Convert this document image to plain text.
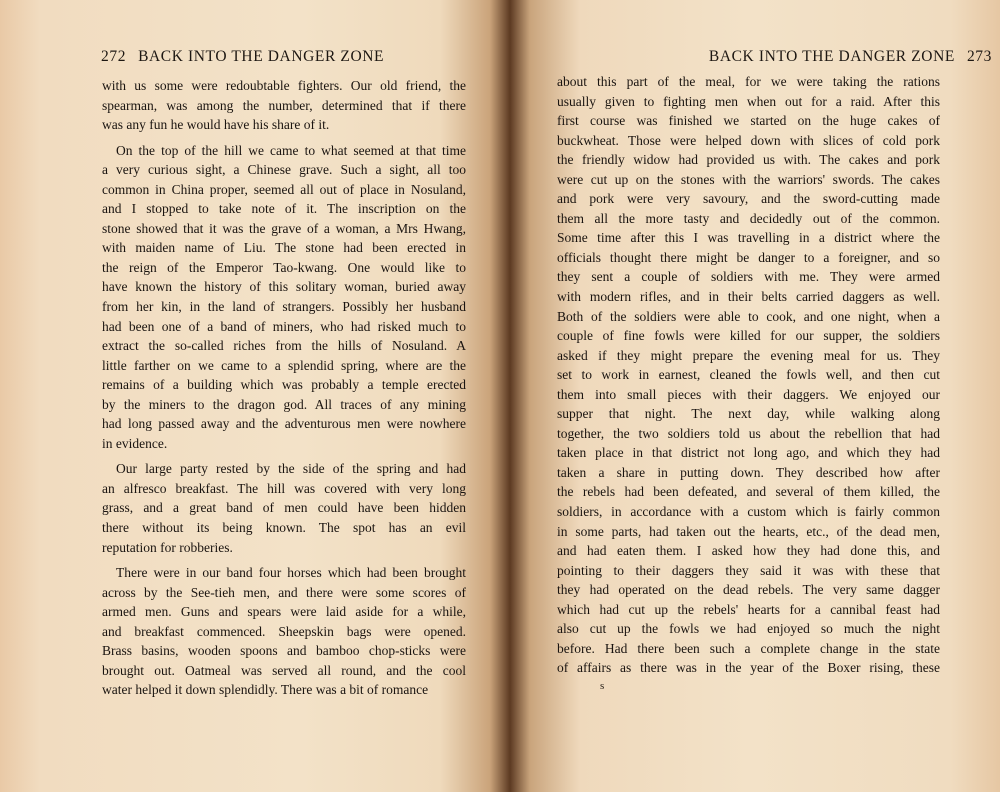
272 BACK INTO THE DANGER ZONE
with us some were redoubtable fighters. Our old friend, the
spearman, was among the number, determined that if there
was any fun he would have his share of it.
On the top of the hill we came to what seemed at that time
a very curious sight, a Chinese grave. Such a sight, all too
common in China proper, seemed all out of place in Nosuland,
and I stopped to take note of it. The inscription on the
stone showed that it was the grave of a woman, a Mrs Hwang,
with maiden name of Liu. The stone had been erected in
the reign of the Emperor Tao-kwang. One would like to
have known the history of this solitary woman, buried away
from her kin, in the land of strangers. Possibly her husband
had been one of a band of miners, who had risked much to
extract the so-called riches from the hills of Nosuland. A
little farther on we came to a splendid spring, where are the
remains of a building which was probably a temple erected
by the miners to the dragon god. All traces of any mining
had long passed away and the adventurous men were nowhere
in evidence.
Our large party rested by the side of the spring and had
an alfresco breakfast. The hill was covered with very long
grass, and a great band of men could have been hidden
there without its being known. The spot has an evil
reputation for robberies.
There were in our band four horses which had been brought
across by the See-tieh men, and there were some scores of
armed men. Guns and spears were laid aside for a while,
and breakfast commenced. Sheepskin bags were opened.
Brass basins, wooden spoons and bamboo chop-sticks were
brought out. Oatmeal was served all round, and the cool
water helped it down splendidly. There was a bit of romance
BACK INTO THE DANGER ZONE 273
about this part of the meal, for we were taking the rations
usually given to fighting men when out for a raid. After this
first course was finished we started on the huge cakes of
buckwheat. Those were helped down with slices of cold pork
the friendly widow had provided us with. The cakes and pork
were cut up on the stones with the warriors' swords. The cakes
and pork were very savoury, and the sword-cutting made
them all the more tasty and decidedly out of the common.
Some time after this I was travelling in a district where the
officials thought there might be danger to a foreigner, and so
they sent a couple of soldiers with me. They were armed
with modern rifles, and in their belts carried daggers as well.
Both of the soldiers were able to cook, and one night, when a
couple of fine fowls were killed for our supper, the soldiers
asked if they might prepare the evening meal for us. They
set to work in earnest, cleaned the fowls well, and then cut
them into small pieces with their daggers. We enjoyed our
supper that night. The next day, while walking along
together, the two soldiers told us about the rebellion that had
taken place in that district not long ago, and which they had
taken a share in putting down. They described how after
the rebels had been defeated, and several of them killed, the
soldiers, in accordance with a custom which is fairly common
in some parts, had taken out the hearts, etc., of the dead men,
and had eaten them. I asked how they had done this, and
pointing to their daggers they said it was with these that
they had operated on the dead rebels. The very same dagger
which had cut up the rebels' hearts for a cannibal feast had
also cut up the fowls we had enjoyed so much the night
before. Had there been such a complete change in the state
of affairs as there was in the year of the Boxer rising, these
s
